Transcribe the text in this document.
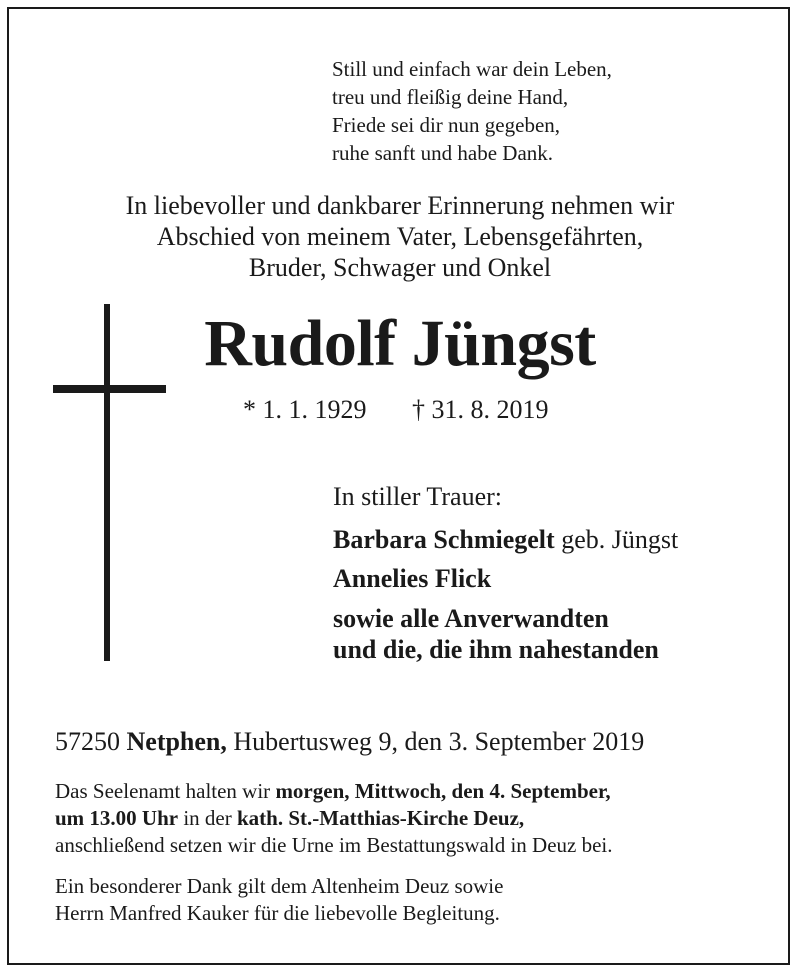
Still und einfach war dein Leben,
treu und fleißig deine Hand,
Friede sei dir nun gegeben,
ruhe sanft und habe Dank.
In liebevoller und dankbarer Erinnerung nehmen wir
Abschied von meinem Vater, Lebensgefährten,
Bruder, Schwager und Onkel
Rudolf Jüngst
* 1. 1. 1929 † 31. 8. 2019
In stiller Trauer:
Barbara Schmiegelt geb. Jüngst
Annelies Flick
sowie alle Anverwandten
und die, die ihm nahestanden
57250 Netphen, Hubertusweg 9, den 3. September 2019
Das Seelenamt halten wir morgen, Mittwoch, den 4. September,
um 13.00 Uhr in der kath. St.-Matthias-Kirche Deuz,
anschließend setzen wir die Urne im Bestattungswald in Deuz bei.
Ein besonderer Dank gilt dem Altenheim Deuz sowie
Herrn Manfred Kauker für die liebevolle Begleitung.
